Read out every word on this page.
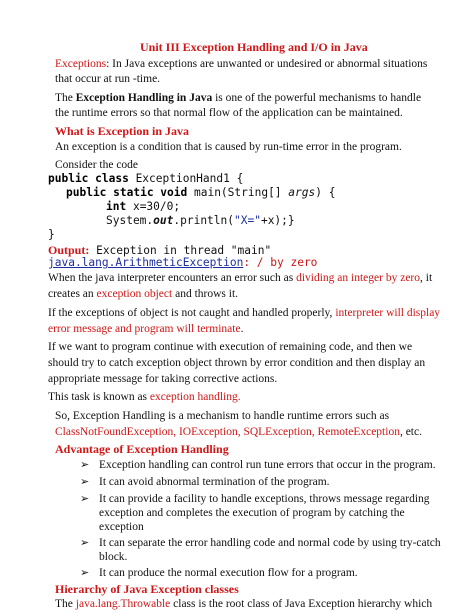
Unit III Exception Handling and I/O in Java
Exceptions: In Java exceptions are unwanted or undesired or abnormal situations
that occur at run -time.
The Exception Handling in Java is one of the powerful mechanisms to handle
the runtime errors so that normal flow of the application can be maintained.
What is Exception in Java
An exception is a condition that is caused by run-time error in the program.
Consider the code
public class ExceptionHand1 {
public static void main(String[] args) {
int x=30/0;
System.out.println("X="+x);}
}
Output: Exception in thread "main"
java.lang.ArithmeticException: / by zero
When the java interpreter encounters an error such as dividing an integer by zero, it
creates an exception object and throws it.
If the exceptions of object is not caught and handled properly, interpreter will display
error message and program will terminate.
If we want to program continue with execution of remaining code, and then we
should try to catch exception object thrown by error condition and then display an
appropriate message for taking corrective actions.
This task is known as exception handling.
So, Exception Handling is a mechanism to handle runtime errors such as
ClassNotFoundException, IOException, SQLException, RemoteException, etc.
Advantage of Exception Handling
➢ Exception handling can control run tune errors that occur in the program.
➢ It can avoid abnormal termination of the program.
➢ It can provide a facility to handle exceptions, throws message regarding
exception and completes the execution of program by catching the
exception
➢ It can separate the error handling code and normal code by using try-catch
block.
➢ It can produce the normal execution flow for a program.
Hierarchy of Java Exception classes
The java.lang.Throwable class is the root class of Java Exception hierarchy which
